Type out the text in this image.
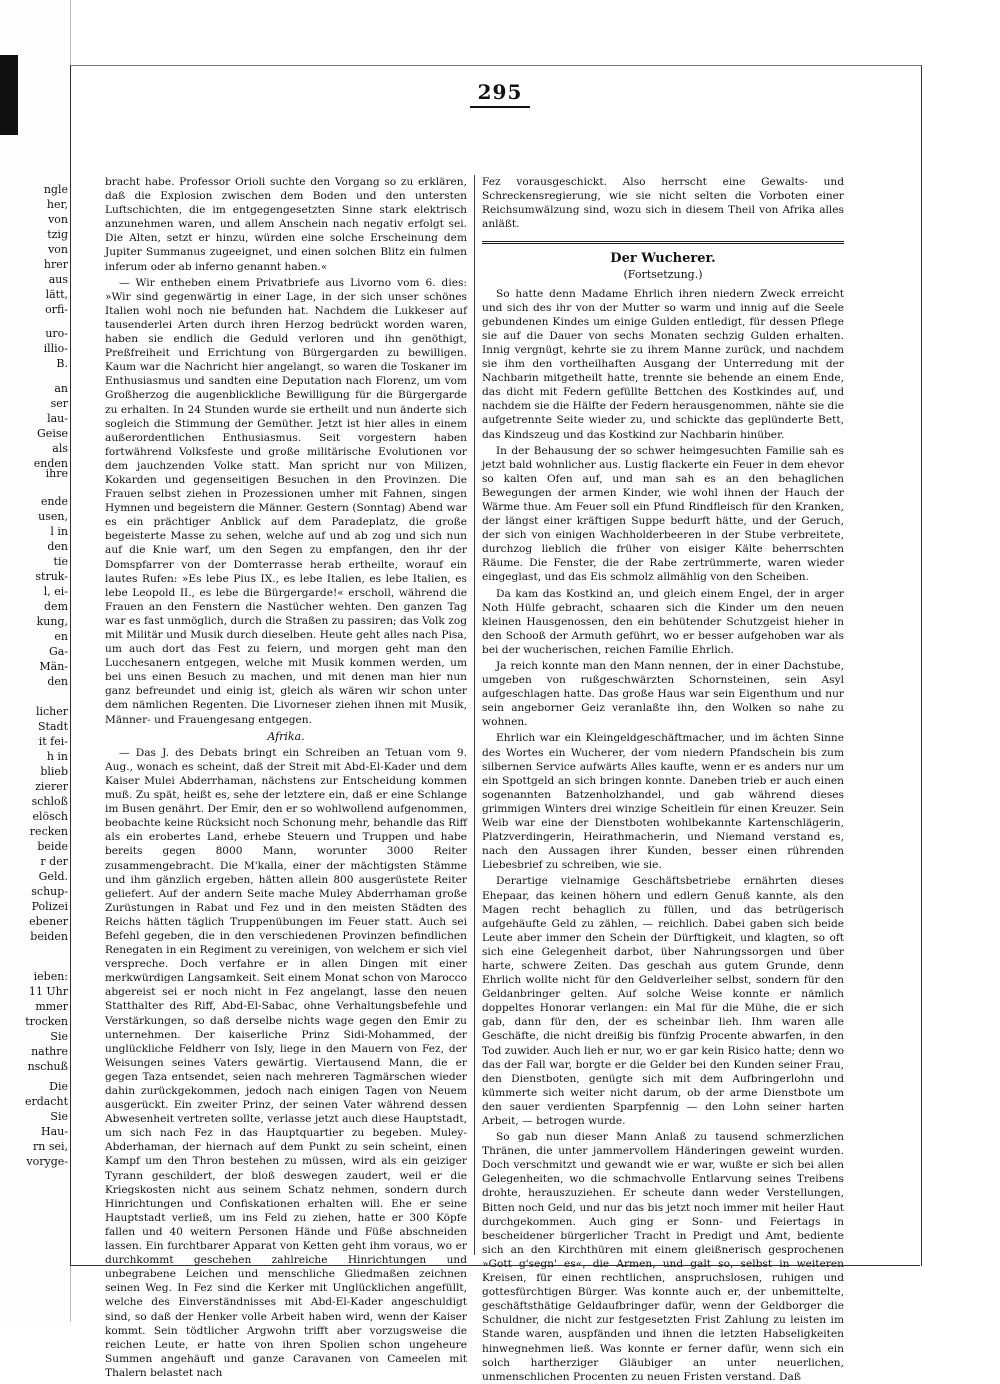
ngle
her,
von
tzig
von
hrer
aus
lätt,
orfi-
uro-
illio-
B.
an
ser
lau-
Geise
als
enden
ihre
ende
usen,
l in
den
tie
struk-
l, ei-
dem
kung,
en
Ga-
Män-
den
licher
Stadt
it fei-
h in
blieb
zierer
schloß
elösch
recken
beide
r der
Geld.
schup-
Polizei
ebener
beiden
ieben:
11 Uhr
mmer
trocken
Sie
nathre
nschuß
Die
erdacht
Sie
Hau-
rn sei,
voryge-
295

bracht habe. Professor Orioli suchte den Vorgang so zu erklären, daß die Explosion zwischen dem Boden und den untersten Luftschichten, die im entgegengesetzten Sinne stark elektrisch anzunehmen waren, und allem Anschein nach negativ erfolgt sei. Die Alten, setzt er hinzu, würden eine solche Erscheinung dem Jupiter Summanus zugeeignet, und einen solchen Blitz ein fulmen inferum oder ab inferno genannt haben.«

— Wir entheben einem Privatbriefe aus Livorno vom 6. dies: »Wir sind gegenwärtig in einer Lage, in der sich unser schönes Italien wohl noch nie befunden hat. Nachdem die Lukkeser auf tausenderlei Arten durch ihren Herzog bedrückt worden waren, haben sie endlich die Geduld verloren und ihn genöthigt, Preßfreiheit und Errichtung von Bürgergarden zu bewilligen. Kaum war die Nachricht hier angelangt, so waren die Toskaner im Enthusiasmus und sandten eine Deputation nach Florenz, um vom Großherzog die augenblickliche Bewilligung für die Bürgergarde zu erhalten. In 24 Stunden wurde sie ertheilt und nun änderte sich sogleich die Stimmung der Gemüther. Jetzt ist hier alles in einem außerordentlichen Enthusiasmus. Seit vorgestern haben fortwährend Volksfeste und große militärische Evolutionen vor dem jauchzenden Volke statt. Man spricht nur von Milizen, Kokarden und gegenseitigen Besuchen in den Provinzen. Die Frauen selbst ziehen in Prozessionen umher mit Fahnen, singen Hymnen und begeistern die Männer. Gestern (Sonntag) Abend war es ein prächtiger Anblick auf dem Paradeplatz, die große begeisterte Masse zu sehen, welche auf und ab zog und sich nun auf die Knie warf, um den Segen zu empfangen, den ihr der Domspfarrer von der Domterrasse herab ertheilte, worauf ein lautes Rufen: »Es lebe Pius IX., es lebe Italien, es lebe Italien, es lebe Leopold II., es lebe die Bürgergarde!« erscholl, während die Frauen an den Fenstern die Nastücher wehten. Den ganzen Tag war es fast unmöglich, durch die Straßen zu passiren; das Volk zog mit Militär und Musik durch dieselben. Heute geht alles nach Pisa, um auch dort das Fest zu feiern, und morgen geht man den Lucchesanern entgegen, welche mit Musik kommen werden, um bei uns einen Besuch zu machen, und mit denen man hier nun ganz befreundet und einig ist, gleich als wären wir schon unter dem nämlichen Regenten. Die Livorneser ziehen ihnen mit Musik, Männer- und Frauengesang entgegen.

Afrika.

— Das J. des Debats bringt ein Schreiben an Tetuan vom 9. Aug., wonach es scheint, daß der Streit mit Abd-El-Kader und dem Kaiser Mulei Abderrhaman, nächstens zur Entscheidung kommen muß. Zu spät, heißt es, sehe der letztere ein, daß er eine Schlange im Busen genährt. Der Emir, den er so wohlwollend aufgenommen, beobachte keine Rücksicht noch Schonung mehr, behandle das Riff als ein erobertes Land, erhebe Steuern und Truppen und habe bereits gegen 8000 Mann, worunter 3000 Reiter zusammengebracht. Die M'kalla, einer der mächtigsten Stämme und ihm gänzlich ergeben, hätten allein 800 ausgerüstete Reiter geliefert. Auf der andern Seite mache Muley Abderrhaman große Zurüstungen in Rabat und Fez und in den meisten Städten des Reichs hätten täglich Truppenübungen im Feuer statt. Auch sei Befehl gegeben, die in den verschiedenen Provinzen befindlichen Renegaten in ein Regiment zu vereinigen, von welchem er sich viel verspreche. Doch verfahre er in allen Dingen mit einer merkwürdigen Langsamkeit. Seit einem Monat schon von Marocco abgereist sei er noch nicht in Fez angelangt, lasse den neuen Statthalter des Riff, Abd-El-Sabac, ohne Verhaltungsbefehle und Verstärkungen, so daß derselbe nichts wage gegen den Emir zu unternehmen. Der kaiserliche Prinz Sidi-Mohammed, der unglückliche Feldherr von Isly, liege in den Mauern von Fez, der Weisungen seines Vaters gewärtig. Viertausend Mann, die er gegen Taza entsendet, seien nach mehreren Tagmärschen wieder dahin zurückgekommen, jedoch nach einigen Tagen von Neuem ausgerückt. Ein zweiter Prinz, der seinen Vater während dessen Abwesenheit vertreten sollte, verlasse jetzt auch diese Hauptstadt, um sich nach Fez in das Hauptquartier zu begeben. Muley-Abderhaman, der hiernach auf dem Punkt zu sein scheint, einen Kampf um den Thron bestehen zu müssen, wird als ein geiziger Tyrann geschildert, der bloß deswegen zaudert, weil er die Kriegskosten nicht aus seinem Schatz nehmen, sondern durch Hinrichtungen und Confiskationen erhalten will. Ehe er seine Hauptstadt verließ, um ins Feld zu ziehen, hatte er 300 Köpfe fallen und 40 weitern Personen Hände und Füße abschneiden lassen. Ein furchtbarer Apparat von Ketten geht ihm voraus, wo er durchkommt geschehen zahlreiche Hinrichtungen und unbegrabene Leichen und menschliche Gliedmaßen zeichnen seinen Weg. In Fez sind die Kerker mit Unglücklichen angefüllt, welche des Einverständnisses mit Abd-El-Kader angeschuldigt sind, so daß der Henker volle Arbeit haben wird, wenn der Kaiser kommt. Sein tödtlicher Argwohn trifft aber vorzugsweise die reichen Leute, er hatte von ihren Spolien schon ungeheure Summen angehäuft und ganze Caravanen von Cameelen mit Thalern belastet nach

Fez vorausgeschickt. Also herrscht eine Gewalts- und Schreckensregierung, wie sie nicht selten die Vorboten einer Reichsumwälzung sind, wozu sich in diesem Theil von Afrika alles anläßt.

Der Wucherer.
(Fortsetzung.)

So hatte denn Madame Ehrlich ihren niedern Zweck erreicht und sich des ihr von der Mutter so warm und innig auf die Seele gebundenen Kindes um einige Gulden entledigt, für dessen Pflege sie auf die Dauer von sechs Monaten sechzig Gulden erhalten. Innig vergnügt, kehrte sie zu ihrem Manne zurück, und nachdem sie ihm den vortheilhaften Ausgang der Unterredung mit der Nachbarin mitgetheilt hatte, trennte sie behende an einem Ende, das dicht mit Federn gefüllte Bettchen des Kostkindes auf, und nachdem sie die Hälfte der Federn herausgenommen, nähte sie die aufgetrennte Seite wieder zu, und schickte das geplünderte Bett, das Kindszeug und das Kostkind zur Nachbarin hinüber.

In der Behausung der so schwer heimgesuchten Familie sah es jetzt bald wohnlicher aus. Lustig flackerte ein Feuer in dem ehevor so kalten Ofen auf, und man sah es an den behaglichen Bewegungen der armen Kinder, wie wohl ihnen der Hauch der Wärme thue. Am Feuer soll ein Pfund Rindfleisch für den Kranken, der längst einer kräftigen Suppe bedurft hätte, und der Geruch, der sich von einigen Wachholderbeeren in der Stube verbreitete, durchzog lieblich die früher von eisiger Kälte beherrschten Räume. Die Fenster, die der Rabe zertrümmerte, waren wieder eingeglast, und das Eis schmolz allmählig von den Scheiben.

Da kam das Kostkind an, und gleich einem Engel, der in arger Noth Hülfe gebracht, schaaren sich die Kinder um den neuen kleinen Hausgenossen, den ein behütender Schutzgeist hieher in den Schooß der Armuth geführt, wo er besser aufgehoben war als bei der wucherischen, reichen Familie Ehrlich.

Ja reich konnte man den Mann nennen, der in einer Dachstube, umgeben von rußgeschwärzten Schornsteinen, sein Asyl aufgeschlagen hatte. Das große Haus war sein Eigenthum und nur sein angeborner Geiz veranlaßte ihn, den Wolken so nahe zu wohnen.

Ehrlich war ein Kleingeldgeschäftmacher, und im ächten Sinne des Wortes ein Wucherer, der vom niedern Pfandschein bis zum silbernen Service aufwärts Alles kaufte, wenn er es anders nur um ein Spottgeld an sich bringen konnte. Daneben trieb er auch einen sogenannten Batzenholzhandel, und gab während dieses grimmigen Winters drei winzige Scheitlein für einen Kreuzer. Sein Weib war eine der Dienstboten wohlbekannte Kartenschlägerin, Platzverdingerin, Heirathmacherin, und Niemand verstand es, nach den Aussagen ihrer Kunden, besser einen rührenden Liebesbrief zu schreiben, wie sie.

Derartige vielnamige Geschäftsbetriebe ernährten dieses Ehepaar, das keinen höhern und edlern Genuß kannte, als den Magen recht behaglich zu füllen, und das betrügerisch aufgehäufte Geld zu zählen, — reichlich. Dabei gaben sich beide Leute aber immer den Schein der Dürftigkeit, und klagten, so oft sich eine Gelegenheit darbot, über Nahrungssorgen und über harte, schwere Zeiten. Das geschah aus gutem Grunde, denn Ehrlich wollte nicht für den Geldverleiher selbst, sondern für den Geldanbringer gelten. Auf solche Weise konnte er nämlich doppeltes Honorar verlangen: ein Mal für die Mühe, die er sich gab, dann für den, der es scheinbar lieh. Ihm waren alle Geschäfte, die nicht dreißig bis fünfzig Procente abwarfen, in den Tod zuwider. Auch lieh er nur, wo er gar kein Risico hatte; denn wo das der Fall war, borgte er die Gelder bei den Kunden seiner Frau, den Dienstboten, genügte sich mit dem Aufbringerlohn und kümmerte sich weiter nicht darum, ob der arme Dienstbote um den sauer verdienten Sparpfennig — den Lohn seiner harten Arbeit, — betrogen wurde.

So gab nun dieser Mann Anlaß zu tausend schmerzlichen Thränen, die unter jammervollem Händeringen geweint wurden. Doch verschmitzt und gewandt wie er war, wußte er sich bei allen Gelegenheiten, wo die schmachvolle Entlarvung seines Treibens drohte, herauszuziehen. Er scheute dann weder Verstellungen, Bitten noch Geld, und nur das bis jetzt noch immer mit heiler Haut durchgekommen. Auch ging er Sonn- und Feiertags in bescheidener bürgerlicher Tracht in Predigt und Amt, bediente sich an den Kirchthüren mit einem gleißnerisch gesprochenen »Gott g'segn' es«, die Armen, und galt so, selbst in weiteren Kreisen, für einen rechtlichen, anspruchslosen, ruhigen und gottesfürchtigen Bürger. Was konnte auch er, der unbemittelte, geschäftsthätige Geldaufbringer dafür, wenn der Geldborger die Schuldner, die nicht zur festgesetzten Frist Zahlung zu leisten im Stande waren, auspfänden und ihnen die letzten Habseligkeiten hinwegnehmen ließ. Was konnte er ferner dafür, wenn sich ein solch hartherziger Gläubiger an unter neuerlichen, unmenschlichen Procenten zu neuen Fristen verstand. Daß
